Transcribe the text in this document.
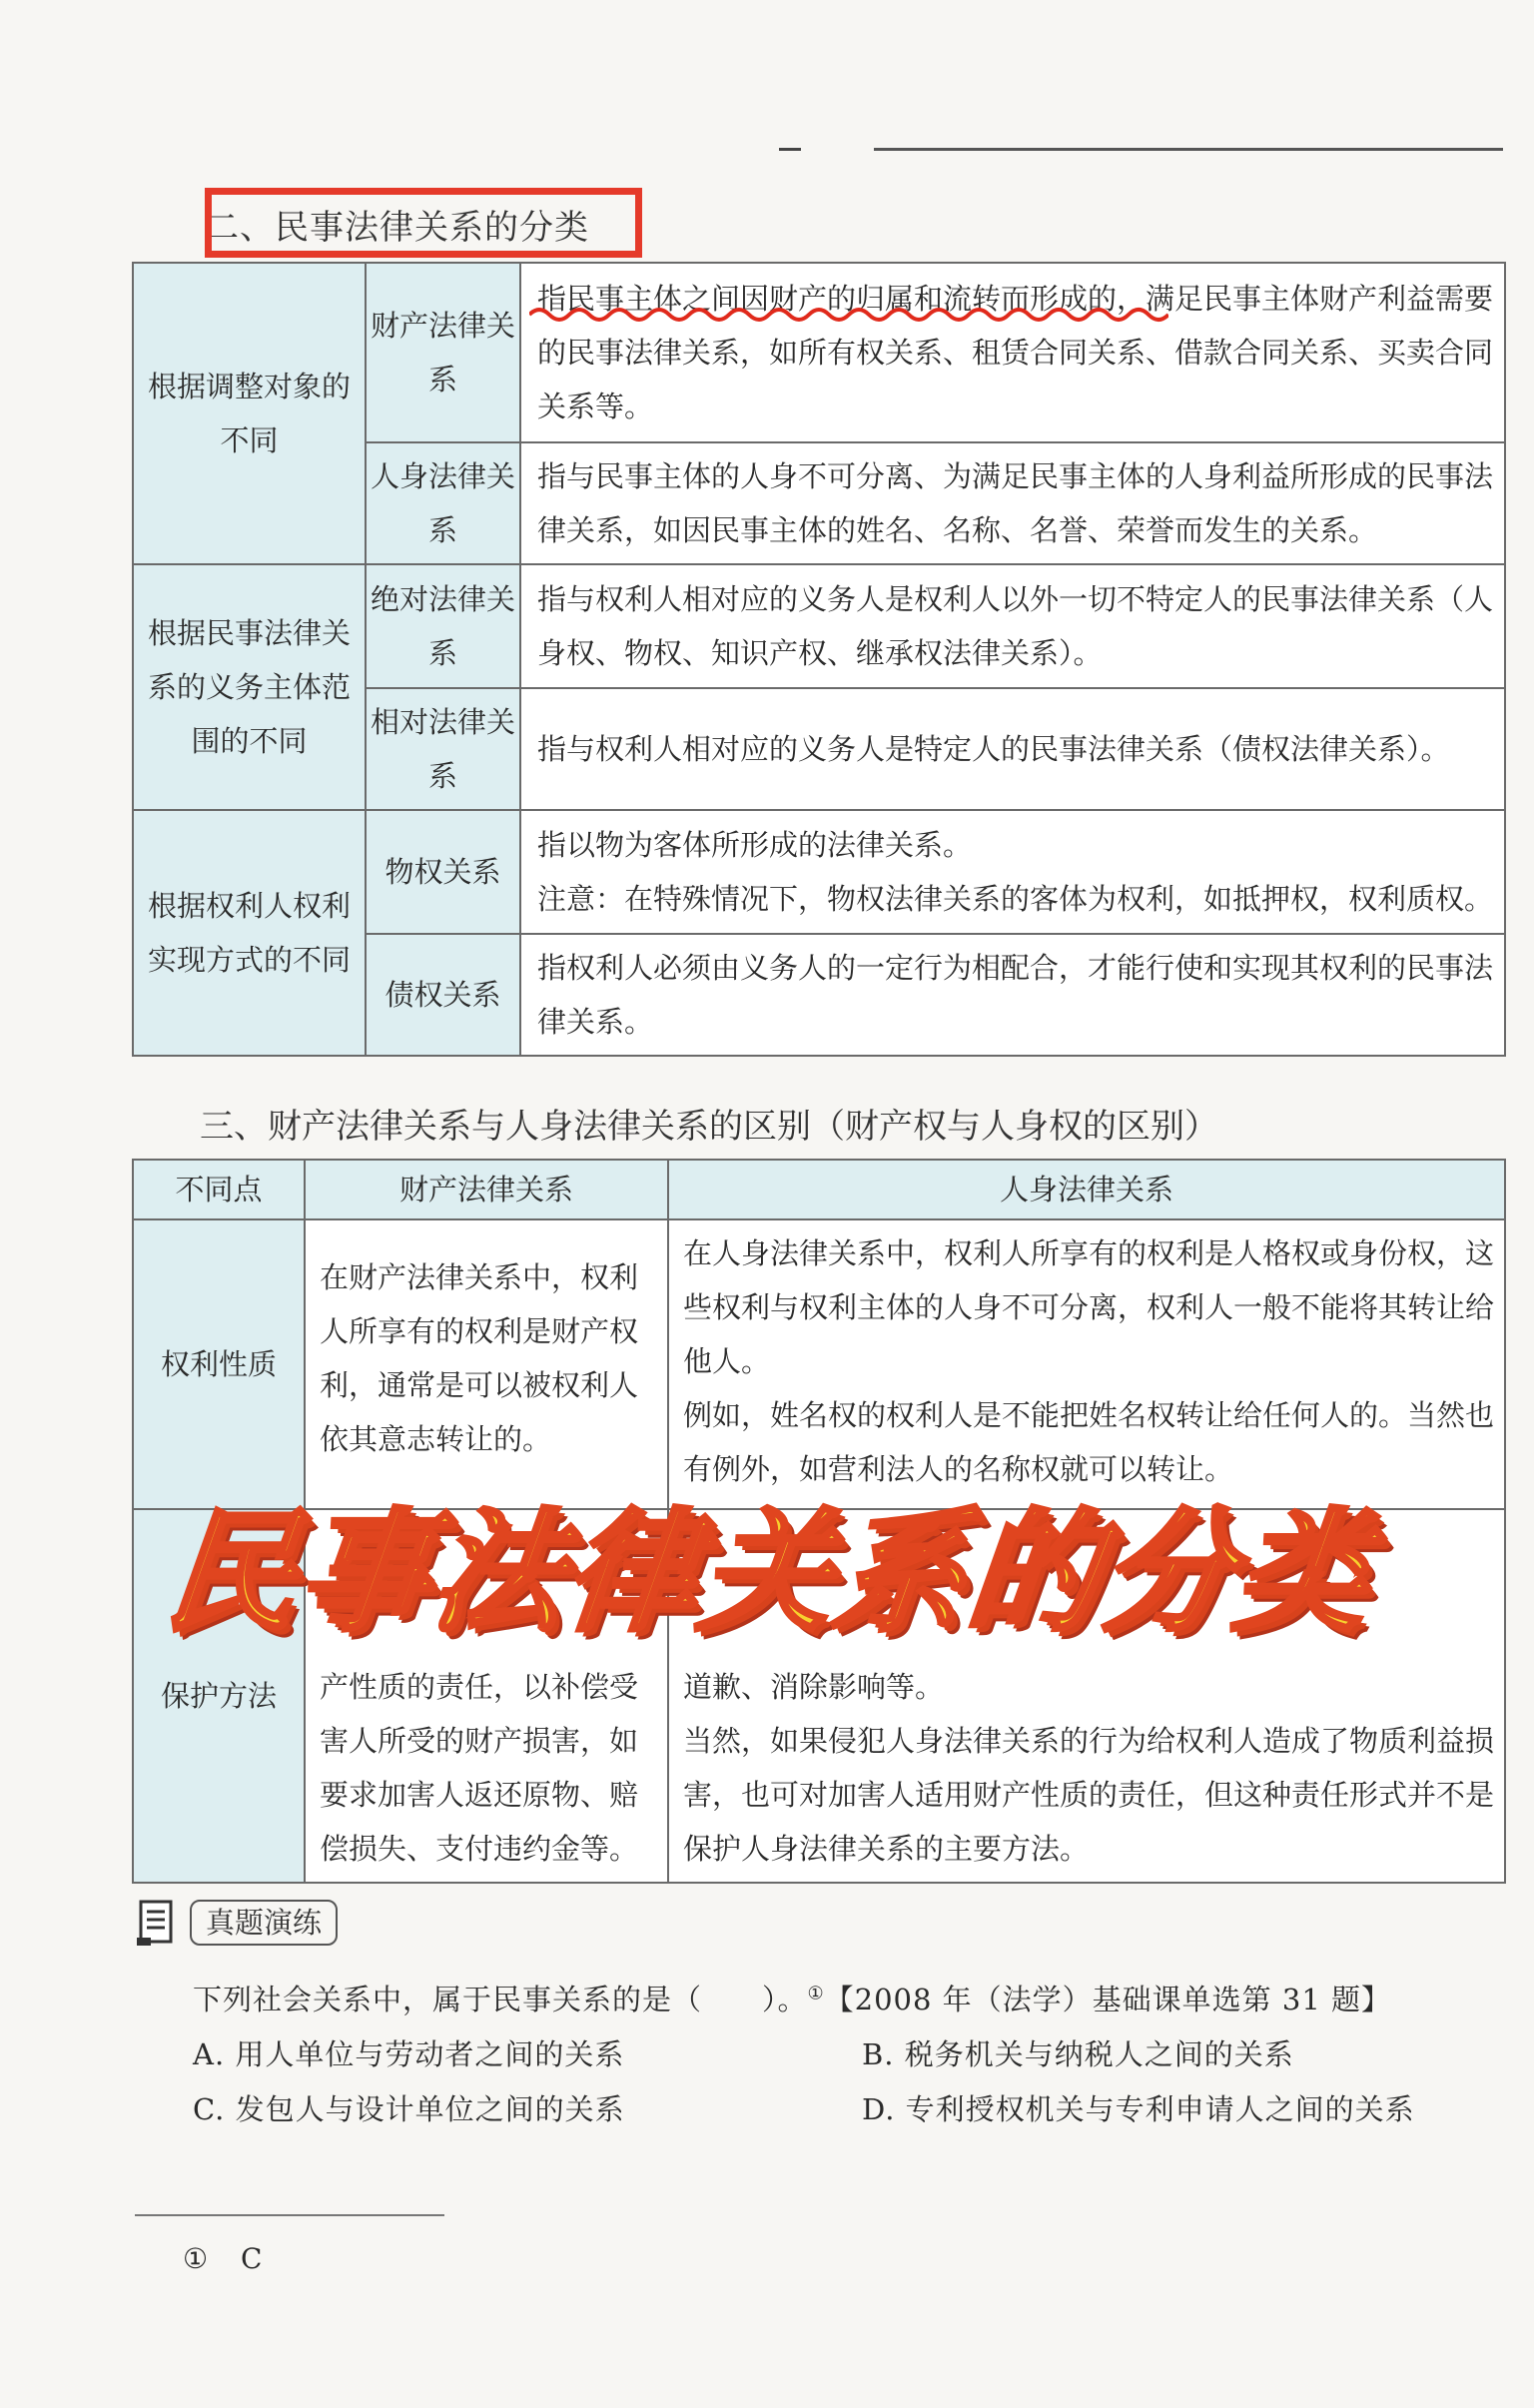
二、民事法律关系的分类
根据调整对象的不同	财产法律关系	指民事主体之间因财产的归属和流转而形成的，满足民事主体财产利益需要的民事法律关系，如所有权关系、租赁合同关系、借款合同关系、买卖合同关系等。
	人身法律关系	指与民事主体的人身不可分离、为满足民事主体的人身利益所形成的民事法律关系，如因民事主体的姓名、名称、名誉、荣誉而发生的关系。
根据民事法律关系的义务主体范围的不同	绝对法律关系	指与权利人相对应的义务人是权利人以外一切不特定人的民事法律关系（人身权、物权、知识产权、继承权法律关系）。
	相对法律关系	指与权利人相对应的义务人是特定人的民事法律关系（债权法律关系）。
根据权利人权利实现方式的不同	物权关系	指以物为客体所形成的法律关系。
注意：在特殊情况下，物权法律关系的客体为权利，如抵押权，权利质权。

	债权关系	指权利人必须由义务人的一定行为相配合，才能行使和实现其权利的民事法律关系。
三、财产法律关系与人身法律关系的区别（财产权与人身权的区别）
不同点	财产法律关系	人身法律关系
权利性质	在财产法律关系中，权利人所享有的权利是财产权利，通常是可以被权利人依其意志转让的。	在人身法律关系中，权利人所享有的权利是人格权或身份权，这些权利与权利主体的人身不可分离，权利人一般不能将其转让给他人。
例如，姓名权的权利人是不能把姓名权转让给任何人的。当然也有例外，如营利法人的名称权就可以转让。

保护方法	产性质的责任，以补偿受害人所受的财产损害，如要求加害人返还原物、赔偿损失、支付违约金等。	道歉、消除影响等。
当然，如果侵犯人身法律关系的行为给权利人造成了物质利益损害，也可对加害人适用财产性质的责任，但这种责任形式并不是保护人身法律关系的主要方法。
民事法律关系的分类
真题演练
下列社会关系中，属于民事关系的是（　　）。①【2008 年（法学）基础课单选第 31 题】
A. 用人单位与劳动者之间的关系	B. 税务机关与纳税人之间的关系
C. 发包人与设计单位之间的关系	D. 专利授权机关与专利申请人之间的关系
① C
